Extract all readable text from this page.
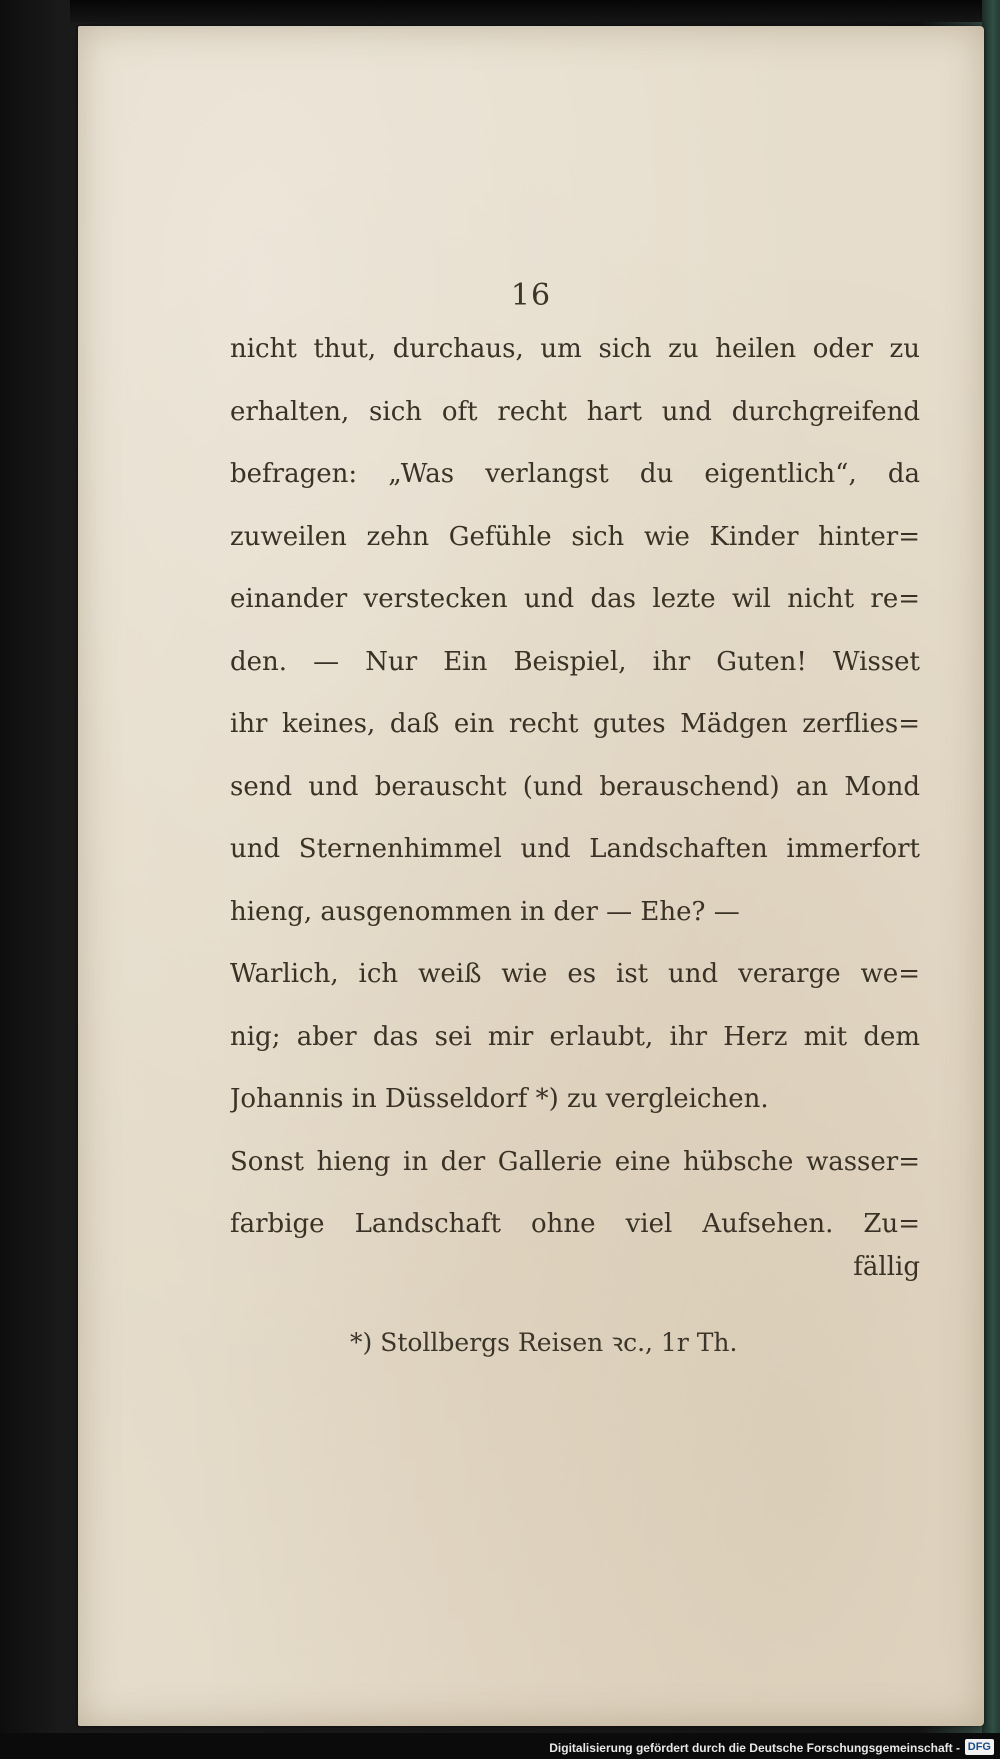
16
nicht thut, durchaus, um sich zu heilen oder zu
erhalten, sich oft recht hart und durchgreifend
befragen: „Was verlangst du eigentlich“, da
zuweilen zehn Gefühle sich wie Kinder hinter=
einander verstecken und das lezte wil nicht re=
den. — Nur Ein Beispiel, ihr Guten! Wisset
ihr keines, daß ein recht gutes Mädgen zerflies=
send und berauscht (und berauschend) an Mond
und Sternenhimmel und Landschaften immerfort
hieng, ausgenommen in der — Ehe? —
Warlich, ich weiß wie es ist und verarge we=
nig; aber das sei mir erlaubt, ihr Herz mit dem
Johannis in Düsseldorf *) zu vergleichen.
Sonst hieng in der Gallerie eine hübsche wasser=
farbige Landschaft ohne viel Aufsehen. Zu=
fällig
*) Stollbergs Reisen ꝛc., 1r Th.
Digitalisierung gefördert durch die Deutsche Forschungsgemeinschaft - DFG
